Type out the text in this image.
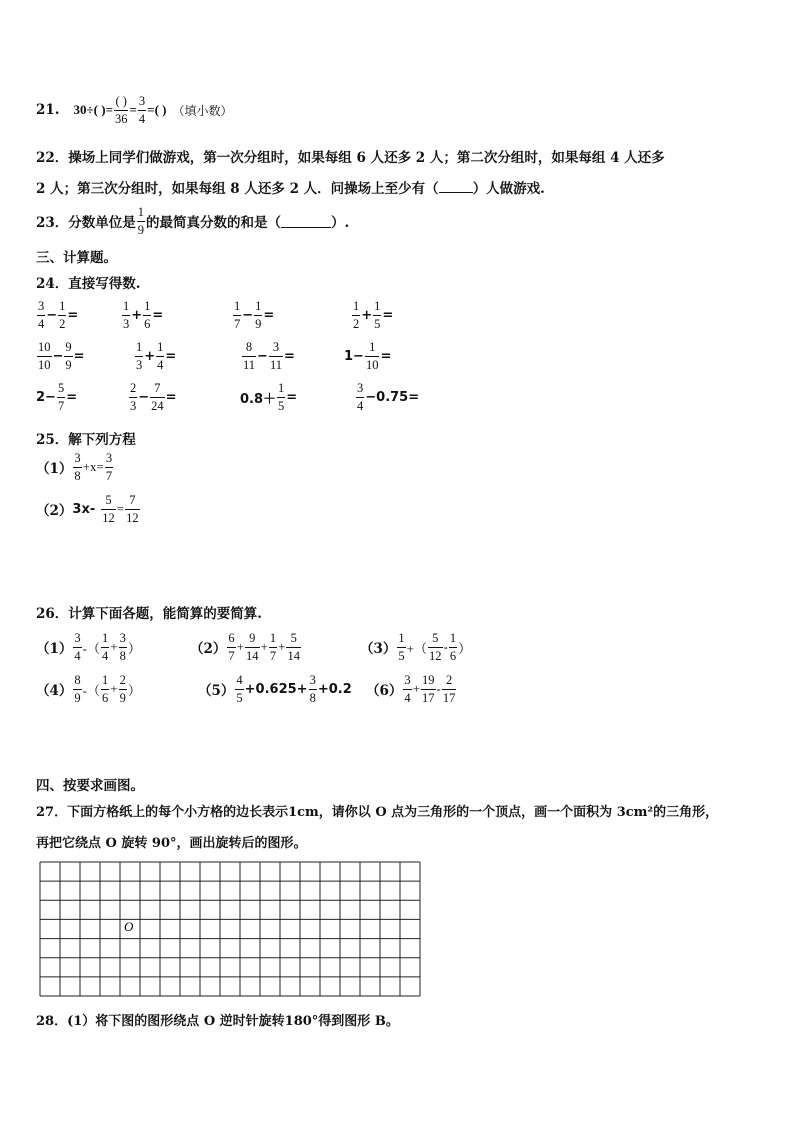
21. 30÷ ( ) = $\frac{( )}{36} = \frac{3}{4}$ = ( ) （填小数）
22．操场上同学们做游戏，第一次分组时，如果每组 6 人还多 2 人；第二次分组时，如果每组 4 人还多
2 人；第三次分组时，如果每组 8 人还多 2 人．问操场上至少有（	）人做游戏.
23．分数单位是 $\frac{1}{9}$ 的最简真分数的和是（	）.
三、计算题。
24．直接写得数.
$\frac{3}{4} - \frac{1}{2}$ =	$\frac{1}{3} + \frac{1}{6}$ =	$\frac{1}{7} - \frac{1}{9}$ =	$\frac{1}{2} + \frac{1}{5}$ =
$\frac{10}{10} - \frac{9}{9}$ =	$\frac{1}{3} + \frac{1}{4}$ =	$\frac{8}{11} - \frac{3}{11}$ =	$1- \frac{1}{10}$ =
$2- \frac{5}{7}$ =	$\frac{2}{3} - \frac{7}{24}$ =	$0.8+ \frac{1}{5}$ =	$\frac{3}{4} -0.75$ =
25．解下列方程
$(1) \frac{3}{8} +x= \frac{3}{7}$
（2） $3x- \frac{5}{12} = \frac{7}{12}$
26．计算下面各题，能简算的要简算.
$(1) \frac{3}{4}$ -（ $\frac{1}{4} + \frac{3}{8}$ ）	$(2) \frac{6}{7} + \frac{9}{14} + \frac{1}{7} + \frac{5}{14}$	$(3) \frac{1}{5}$ +（ $\frac{5}{12} - \frac{1}{6}$ ）
$(4) \frac{8}{9}$ -（ $\frac{1}{6} + \frac{2}{9}$ ）	$(5) \frac{4}{5} +0.625+ \frac{3}{8} +0.2$ $(6) \frac{3}{4} + \frac{19}{17} - \frac{2}{17}$
四、按要求画图。
27．下面方格纸上的每个小方格的边长表示1cm，请你以 O 点为三角形的一个顶点，画一个面积为 3cm²的三角形，
再把它绕点 O 旋转 90°，画出旋转后的图形。
O
28．(1）将下图的图形绕点 O 逆时针旋转180°得到图形 B。
